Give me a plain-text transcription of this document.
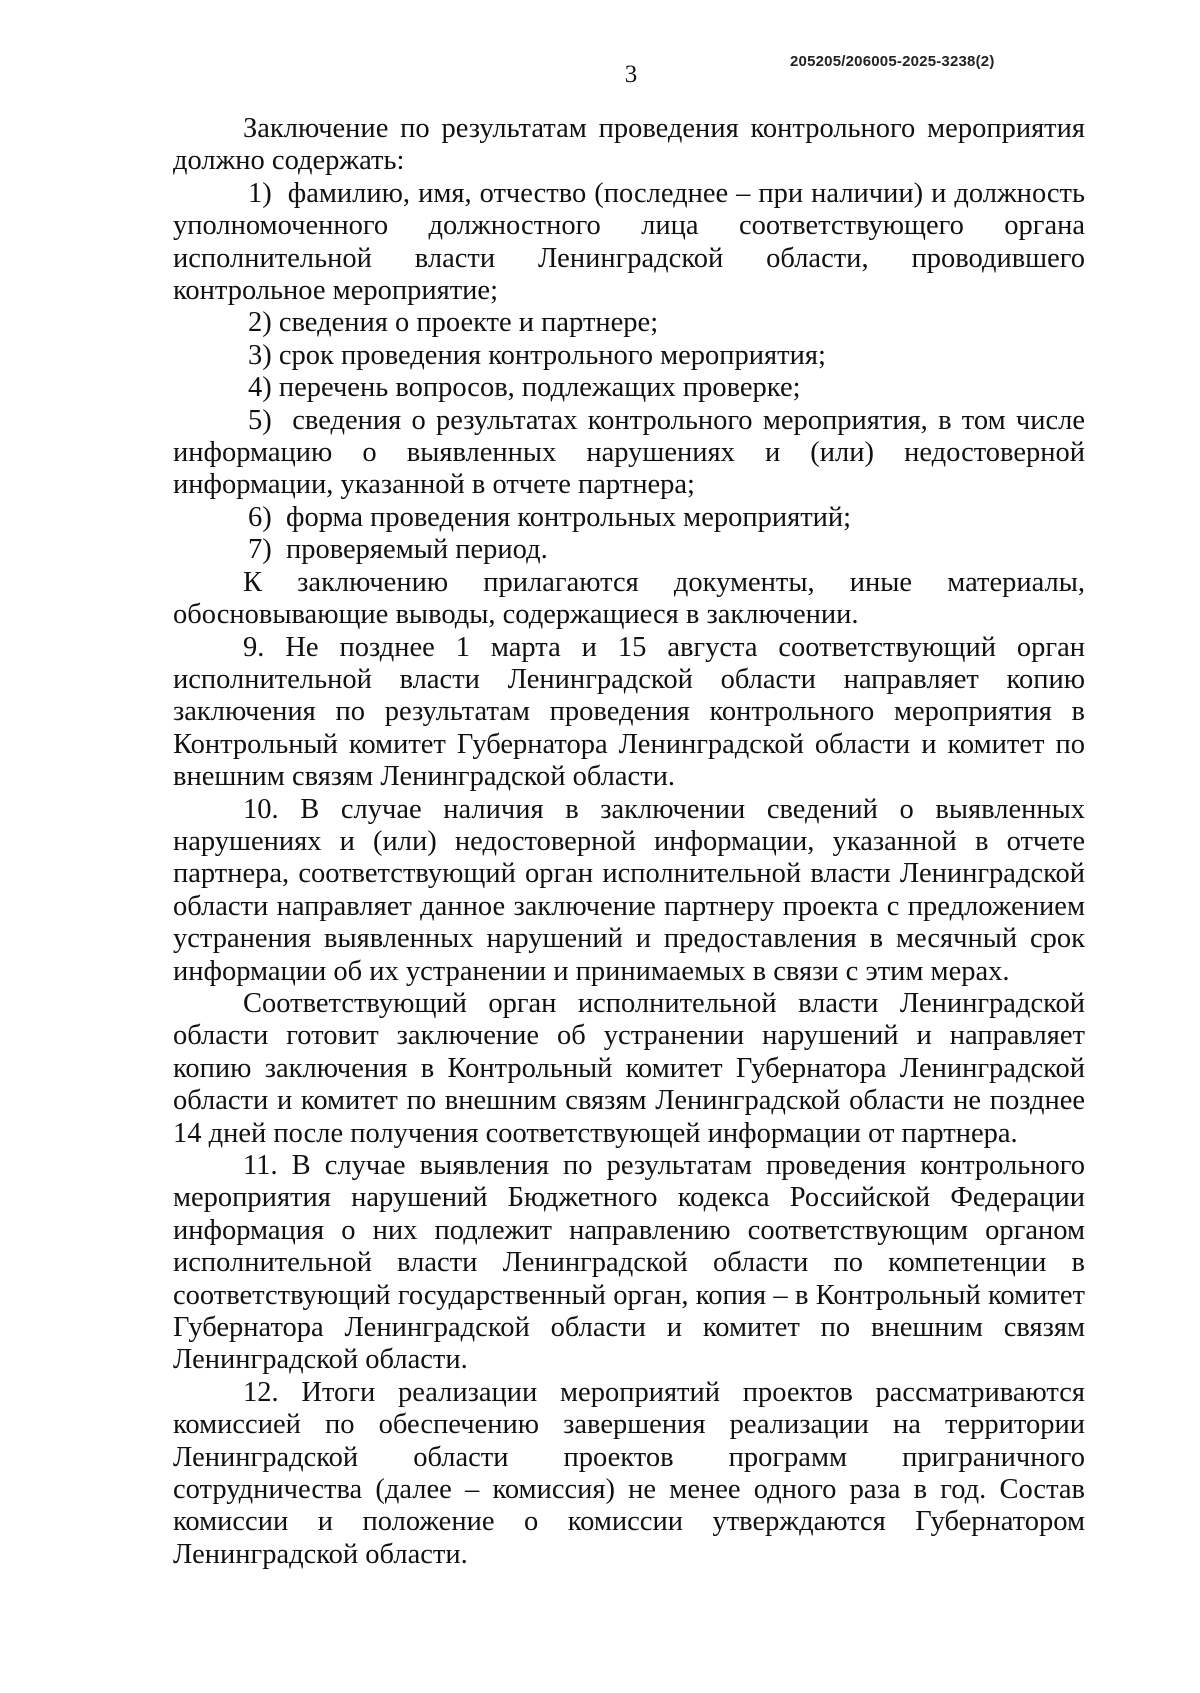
3	205205/206005-2025-3238(2)

Заключение по результатам проведения контрольного мероприятия должно содержать:

1)  фамилию, имя, отчество (последнее – при наличии) и должность уполномоченного должностного лица соответствующего органа исполнительной власти Ленинградской области, проводившего контрольное мероприятие;

2) сведения о проекте и партнере;

3) срок проведения контрольного мероприятия;

4) перечень вопросов, подлежащих проверке;

5)  сведения о результатах контрольного мероприятия, в том числе информацию о выявленных нарушениях и (или) недостоверной информации, указанной в отчете партнера;

6)  форма проведения контрольных мероприятий;

7)  проверяемый период.

К заключению прилагаются документы, иные материалы, обосновывающие выводы, содержащиеся в заключении.

9. Не позднее 1 марта и 15 августа соответствующий орган исполнительной власти Ленинградской области направляет копию заключения по результатам проведения контрольного мероприятия в Контрольный комитет Губернатора Ленинградской области и комитет по внешним связям Ленинградской области.

10. В случае наличия в заключении сведений о выявленных нарушениях и (или) недостоверной информации, указанной в отчете партнера, соответствующий орган исполнительной власти Ленинградской области направляет данное заключение партнеру проекта с предложением устранения выявленных нарушений и предоставления в месячный срок информации об их устранении и принимаемых в связи с этим мерах.

Соответствующий орган исполнительной власти Ленинградской области готовит заключение об устранении нарушений и направляет копию заключения в Контрольный комитет Губернатора Ленинградской области и комитет по внешним связям Ленинградской области не позднее 14 дней после получения соответствующей информации от партнера.

11. В случае выявления по результатам проведения контрольного мероприятия нарушений Бюджетного кодекса Российской Федерации информация о них подлежит направлению соответствующим органом исполнительной власти Ленинградской области по компетенции в соответствующий государственный орган, копия – в Контрольный комитет Губернатора Ленинградской области и комитет по внешним связям Ленинградской области.

12. Итоги реализации мероприятий проектов рассматриваются комиссией по обеспечению завершения реализации на территории Ленинградской области проектов программ приграничного сотрудничества (далее – комиссия) не менее одного раза в год. Состав комиссии и положение о комиссии утверждаются Губернатором Ленинградской области.
